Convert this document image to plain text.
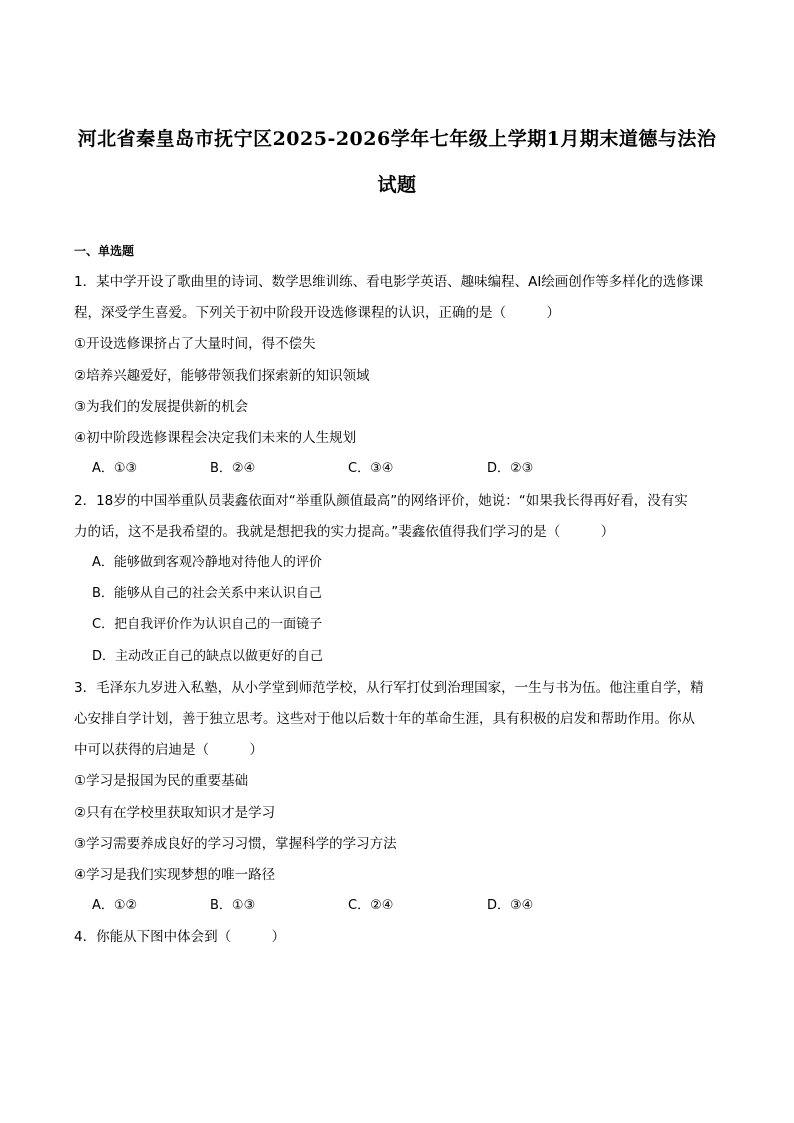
河北省秦皇岛市抚宁区2025-2026学年七年级上学期1月期末道德与法治
试题
一、单选题
1．某中学开设了歌曲里的诗词、数学思维训练、看电影学英语、趣味编程、AI绘画创作等多样化的选修课
程，深受学生喜爱。下列关于初中阶段开设选修课程的认识，正确的是（　　　）
①开设选修课挤占了大量时间，得不偿失
②培养兴趣爱好，能够带领我们探索新的知识领域
③为我们的发展提供新的机会
④初中阶段选修课程会决定我们未来的人生规划
A．①③	B．②④	C．③④	D．②③
2．18岁的中国举重队员裴鑫依面对“举重队颜值最高”的网络评价，她说：“如果我长得再好看，没有实
力的话，这不是我希望的。我就是想把我的实力提高。”裴鑫依值得我们学习的是（　　　）
A．能够做到客观冷静地对待他人的评价
B．能够从自己的社会关系中来认识自己
C．把自我评价作为认识自己的一面镜子
D．主动改正自己的缺点以做更好的自己
3．毛泽东九岁进入私塾，从小学堂到师范学校，从行军打仗到治理国家，一生与书为伍。他注重自学，精
心安排自学计划，善于独立思考。这些对于他以后数十年的革命生涯，具有积极的启发和帮助作用。你从
中可以获得的启迪是（　　　）
①学习是报国为民的重要基础
②只有在学校里获取知识才是学习
③学习需要养成良好的学习习惯，掌握科学的学习方法
④学习是我们实现梦想的唯一路径
A．①②	B．①③	C．②④	D．③④
4．你能从下图中体会到（　　　）
